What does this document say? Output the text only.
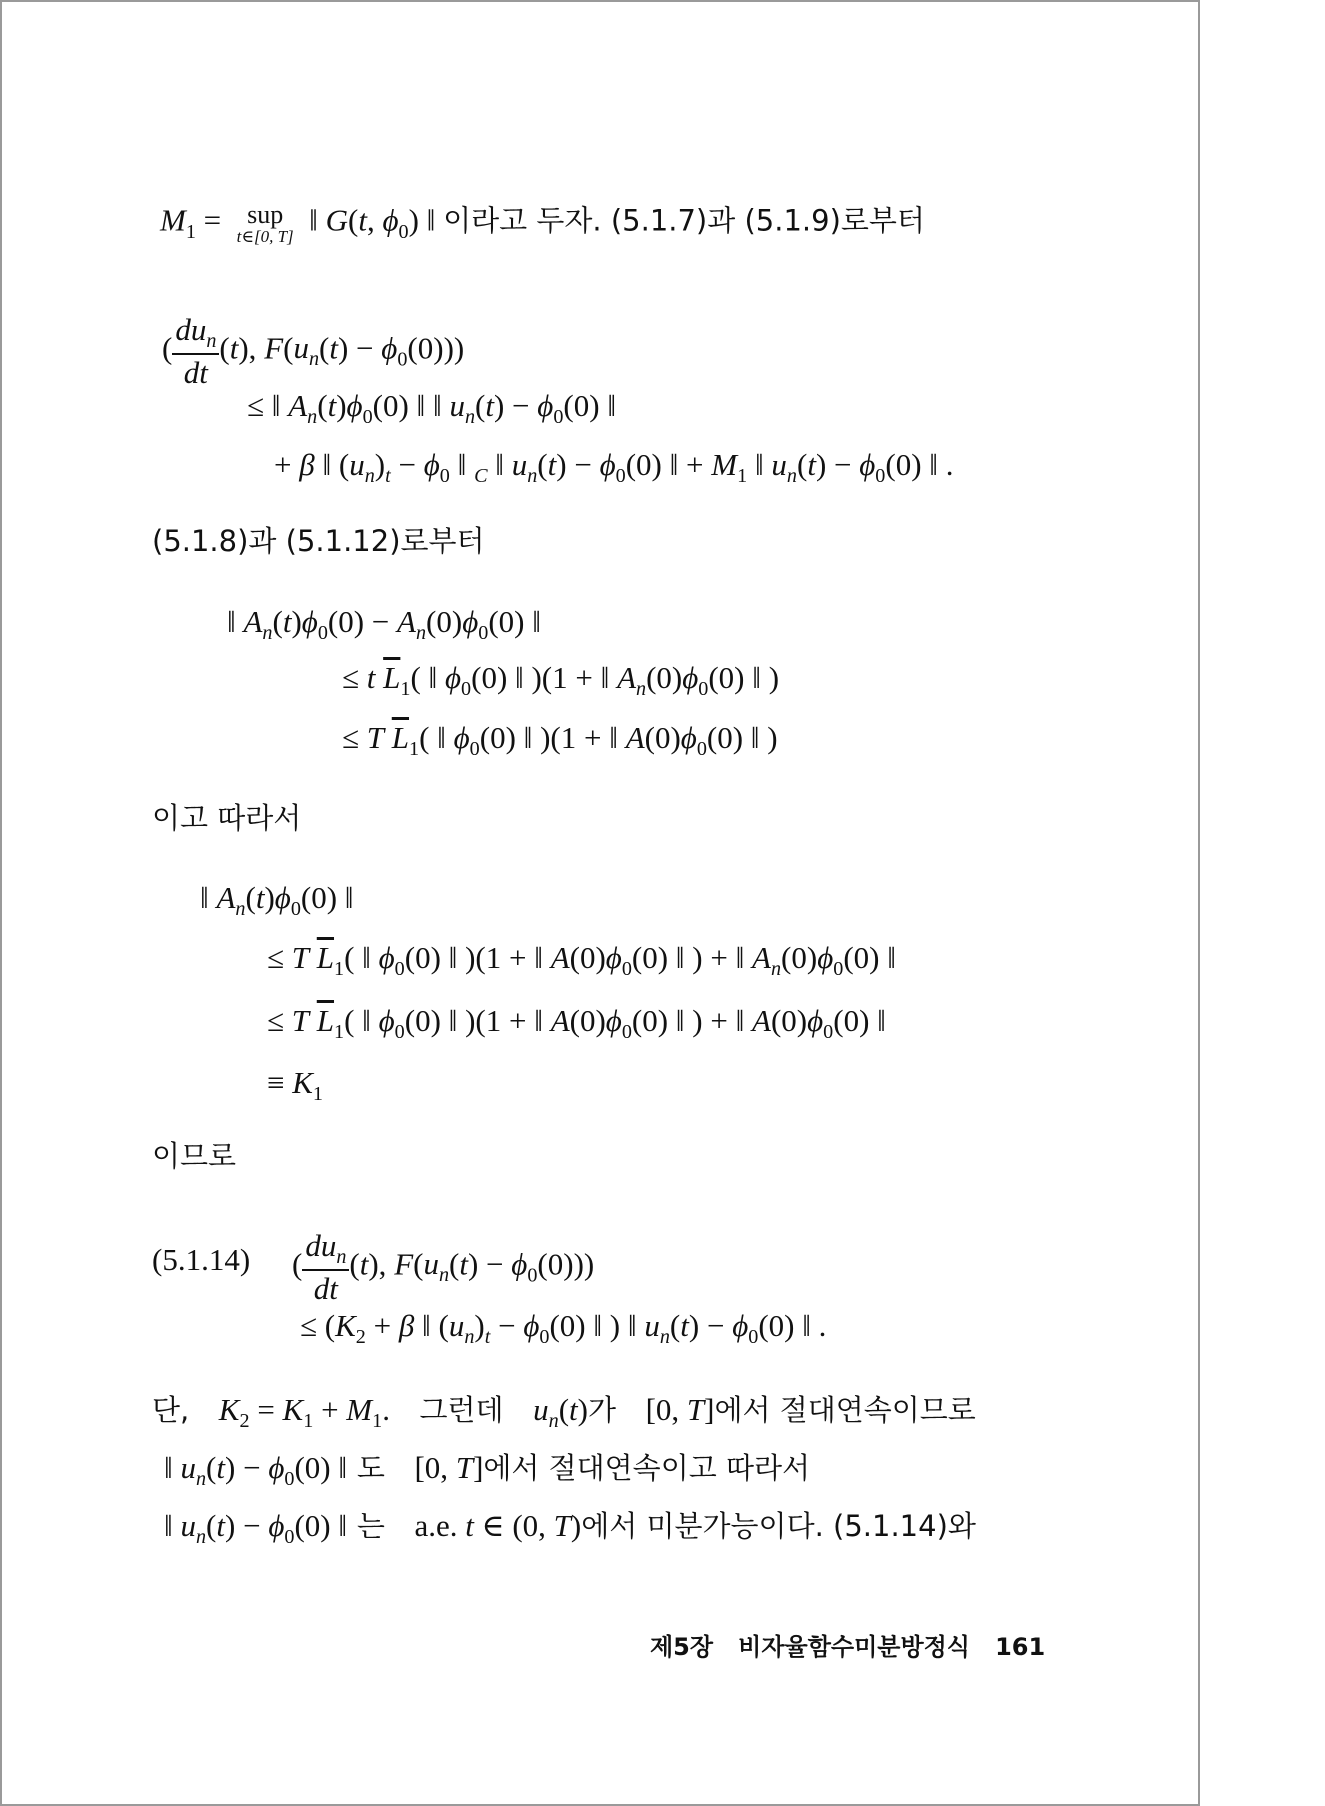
$M_1$ = sup
t∈[0, T] ‖ G(t, $\phi_0$) ‖ 이라고 두자. (5.1.7)과 (5.1.9)로부터
( $\frac{du_n}{dt} (t)$, $F(u_n(t) - \phi_0(0))$)
≤ ‖ $A_n(t)\phi_0(0)$ ‖ ‖ $u_n(t) - \phi_0(0)$ ‖
+ β ‖ $(u_n)_t - \phi_0$ ‖ $_C$ ‖ $u_n(t) - \phi_0(0)$ ‖ + $M_1$ ‖ $u_n(t) - \phi_0(0)$ ‖ .
(5.1.8)과 (5.1.12)로부터
‖ $A_n(t)\phi_0(0) - A_n(0)\phi_0(0)$ ‖
≤ t $\overline{L}_1$( ‖ $\phi_0(0)$ ‖ )(1 + ‖ $A_n(0)\phi_0(0)$ ‖ )
≤ T $\overline{L}_1$( ‖ $\phi_0(0)$ ‖ )(1 + ‖ $A(0)\phi_0(0)$ ‖ )
이고 따라서
‖ $A_n(t)\phi_0(0)$ ‖
≤ T $\overline{L}_1$( ‖ $\phi_0(0)$ ‖ )(1 + ‖ $A(0)\phi_0(0)$ ‖ ) + ‖ $A_n(0)\phi_0(0)$ ‖
≤ T $\overline{L}_1$( ‖ $\phi_0(0)$ ‖ )(1 + ‖ $A(0)\phi_0(0)$ ‖ ) + ‖ $A(0)\phi_0(0)$ ‖
≡ $K_1$
이므로
(5.1.14) ( $\frac{du_n}{dt} (t)$, $F(u_n(t) - \phi_0(0))$)
≤ ($K_2 + \beta$ ‖ $(u_n)_t - \phi_0(0)$ ‖ ) ‖ $u_n(t) - \phi_0(0)$ ‖ .
단, $K_2 = K_1 + M_1$. 그런데 $u_n(t)$가 [0, T]에서 절대연속이므로
‖ $u_n(t) - \phi_0(0)$ ‖ 도 [0, T]에서 절대연속이고 따라서
‖ $u_n(t) - \phi_0(0)$ ‖ 는 a.e. t ∈ (0, T)에서 미분가능이다. (5.1.14)와
제5장 비자율함수미분방정식 161
